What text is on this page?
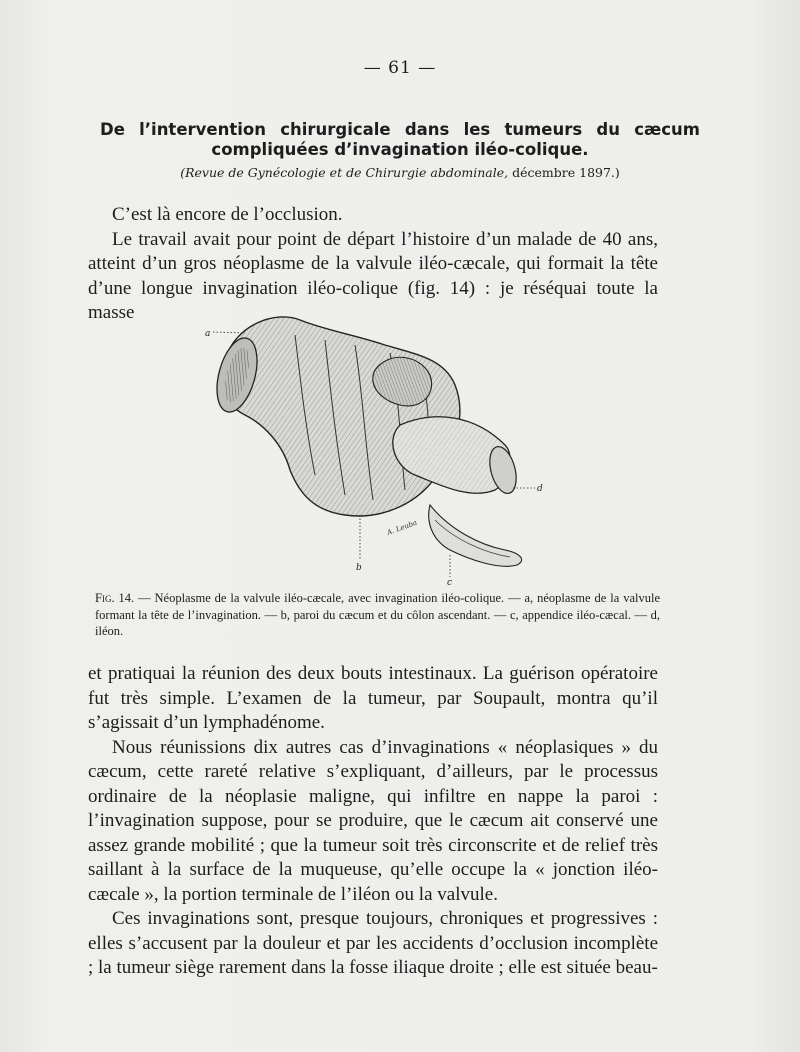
— 61 —
De l’intervention chirurgicale dans les tumeurs du cæcum
compliquées d’invagination iléo-colique.
(Revue de Gynécologie et de Chirurgie abdominale, décembre 1897.)

C’est là encore de l’occlusion.

Le travail avait pour point de départ l’histoire d’un malade de 40 ans, atteint d’un gros néoplasme de la valvule iléo-cæcale, qui formait la tête d’une longue invagination iléo-colique (fig. 14) : je réséquai toute la masse

a
d
b
c
A. Leuba
Fig. 14. — Néoplasme de la valvule iléo-cæcale, avec invagination iléo-colique. — a, néoplasme de la valvule formant la tête de l’invagination. — b, paroi du cæcum et du côlon ascendant. — c, appendice iléo-cæcal. — d, iléon.

et pratiquai la réunion des deux bouts intestinaux. La guérison opératoire fut très simple. L’examen de la tumeur, par Soupault, montra qu’il s’agissait d’un lymphadénome.

Nous réunissions dix autres cas d’invaginations « néoplasiques » du cæcum, cette rareté relative s’expliquant, d’ailleurs, par le processus ordinaire de la néoplasie maligne, qui infiltre en nappe la paroi : l’invagination suppose, pour se produire, que le cæcum ait conservé une assez grande mobilité ; que la tumeur soit très circonscrite et de relief très saillant à la surface de la muqueuse, qu’elle occupe la « jonction iléo-cæcale », la portion terminale de l’iléon ou la valvule.

Ces invaginations sont, presque toujours, chroniques et progressives : elles s’accusent par la douleur et par les accidents d’occlusion incomplète ; la tumeur siège rarement dans la fosse iliaque droite ; elle est située beau-
